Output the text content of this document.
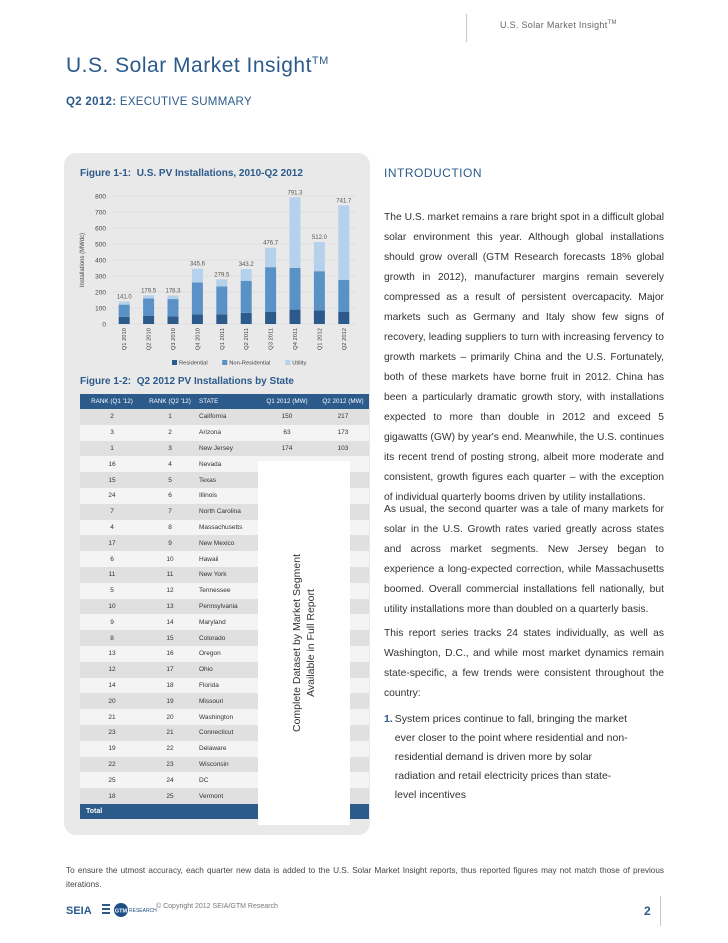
U.S. Solar Market Insight™
U.S. Solar Market Insight™
Q2 2012: EXECUTIVE SUMMARY
Figure 1-1: U.S. PV Installations, 2010-Q2 2012
0
100
200
300
400
500
600
700
800
Installations (MWdc)
141.0
Q1 2010
179.5
Q2 2010
178.3
Q3 2010
345.6
Q4 2010
279.5
Q1 2011
343.2
Q2 2011
476.7
Q3 2011
791.3
Q4 2011
512.0
Q1 2012
741.7
Q2 2012
Residential	Non-Residential	Utility
Figure 1-2: Q2 2012 PV Installations by State
RANK (Q1 '12)	RANK (Q2 '12)	STATE	Q1 2012 (MW)	Q2 2012 (MW)
2	1	California	150	217
3	2	Arizona	63	173
1	3	New Jersey	174	103
16	4	Nevada		
15	5	Texas		
24	6	Illinois		
7	7	North Carolina		
4	8	Massachusetts		
17	9	New Mexico		
6	10	Hawaii		
11	11	New York		
5	12	Tennessee		
10	13	Pennsylvania		
9	14	Maryland		
8	15	Colorado		
13	16	Oregon		
12	17	Ohio		
14	18	Florida		
20	19	Missouri		
21	20	Washington		
23	21	Connecticut		
19	22	Delaware		
22	23	Wisconsin		
25	24	DC		
18	25	Vermont		
Total				
Complete Dataset by Market Segment Available in Full Report
INTRODUCTION
The U.S. market remains a rare bright spot in a difficult global solar environment this year. Although global installations should grow overall (GTM Research forecasts 18% global growth in 2012), manufacturer margins remain severely compressed as a result of persistent overcapacity. Major markets such as Germany and Italy show few signs of recovery, leading suppliers to turn with increasing fervency to growth markets – primarily China and the U.S. Fortunately, both of these markets have borne fruit in 2012. China has been a particularly dramatic growth story, with installations expected to more than double in 2012 and exceed 5 gigawatts (GW) by year's end. Meanwhile, the U.S. continues its recent trend of posting strong, albeit more moderate and consistent, growth figures each quarter – with the exception of individual quarterly booms driven by utility installations.
As usual, the second quarter was a tale of many markets for solar in the U.S. Growth rates varied greatly across states and across market segments. New Jersey began to experience a long-expected correction, while Massachusetts boomed. Overall commercial installations fell nationally, but utility installations more than doubled on a quarterly basis.
This report series tracks 24 states individually, as well as Washington, D.C., and while most market dynamics remain state-specific, a few trends were consistent throughout the country:
1. System prices continue to fall, bringing the market ever closer to the point where residential and non-residential demand is driven more by solar radiation and retail electricity prices than state-level incentives
To ensure the utmost accuracy, each quarter new data is added to the U.S. Solar Market Insight reports, thus reported figures may not match those of previous iterations.
SEIA	GTM RESEARCH
© Copyright 2012 SEIA/GTM Research	2
